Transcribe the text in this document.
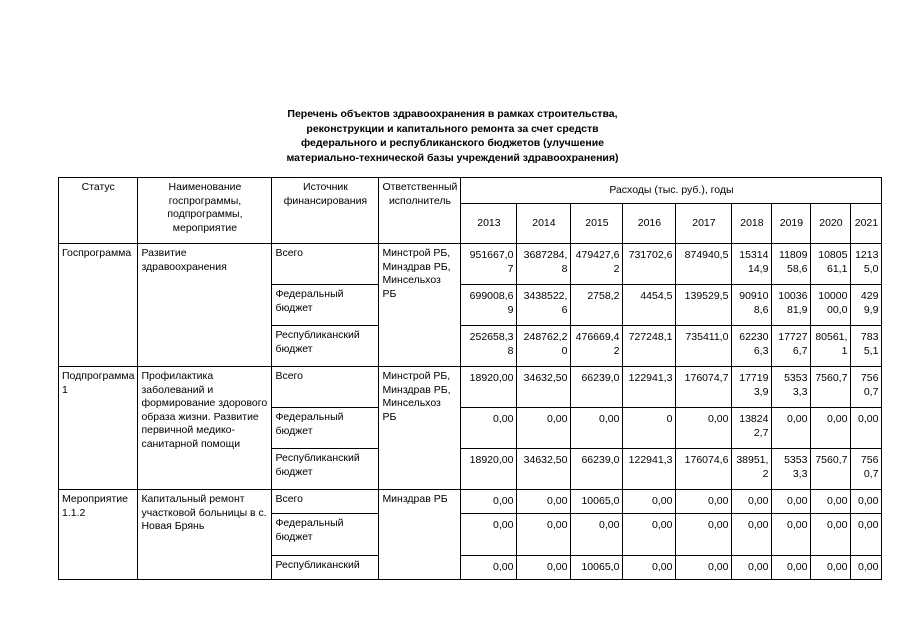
Перечень объектов здравоохранения в рамках строительства,
реконструкции и капитального ремонта за счет средств
федерального и республиканского бюджетов (улучшение
материально-технической базы учреждений здравоохранения)
Статус	Наименование госпрограммы, подпрограммы, мероприятие	Источник финансирования	Ответственный исполнитель	Расходы (тыс. руб.), годы								
				2013	2014	2015	2016	2017	2018	2019	2020	2021
Госпрограмма	Развитие здравоохранения	Всего	Минстрой РБ, Минздрав РБ, Минсельхоз РБ	951667,07	3687284,8	479427,62	731702,6	874940,5	1531414,9	1180958,6	1080561,1	12135,0
		Федеральный бюджет		699008,69	3438522,6	2758,2	4454,5	139529,5	909108,6	1003681,9	1000000,0	4299,9
		Республиканский бюджет		252658,38	248762,20	476669,42	727248,1	735411,0	622306,3	177276,7	80561,1	7835,1
Подпрограмма 1	Профилактика заболеваний и формирование здорового образа жизни. Развитие первичной медико-санитарной помощи	Всего	Минстрой РБ, Минздрав РБ, Минсельхоз РБ	18920,00	34632,50	66239,0	122941,3	176074,7	177193,9	53533,3	7560,7	7560,7
		Федеральный бюджет		0,00	0,00	0,00	0	0,00	138242,7	0,00	0,00	0,00
		Республиканский бюджет		18920,00	34632,50	66239,0	122941,3	176074,6	38951,2	53533,3	7560,7	7560,7
Мероприятие 1.1.2	Капитальный ремонт участковой больницы в с. Новая Брянь	Всего	Минздрав РБ	0,00	0,00	10065,0	0,00	0,00	0,00	0,00	0,00	0,00
		Федеральный бюджет		0,00	0,00	0,00	0,00	0,00	0,00	0,00	0,00	0,00
		Республиканский		0,00	0,00	10065,0	0,00	0,00	0,00	0,00	0,00	0,00
